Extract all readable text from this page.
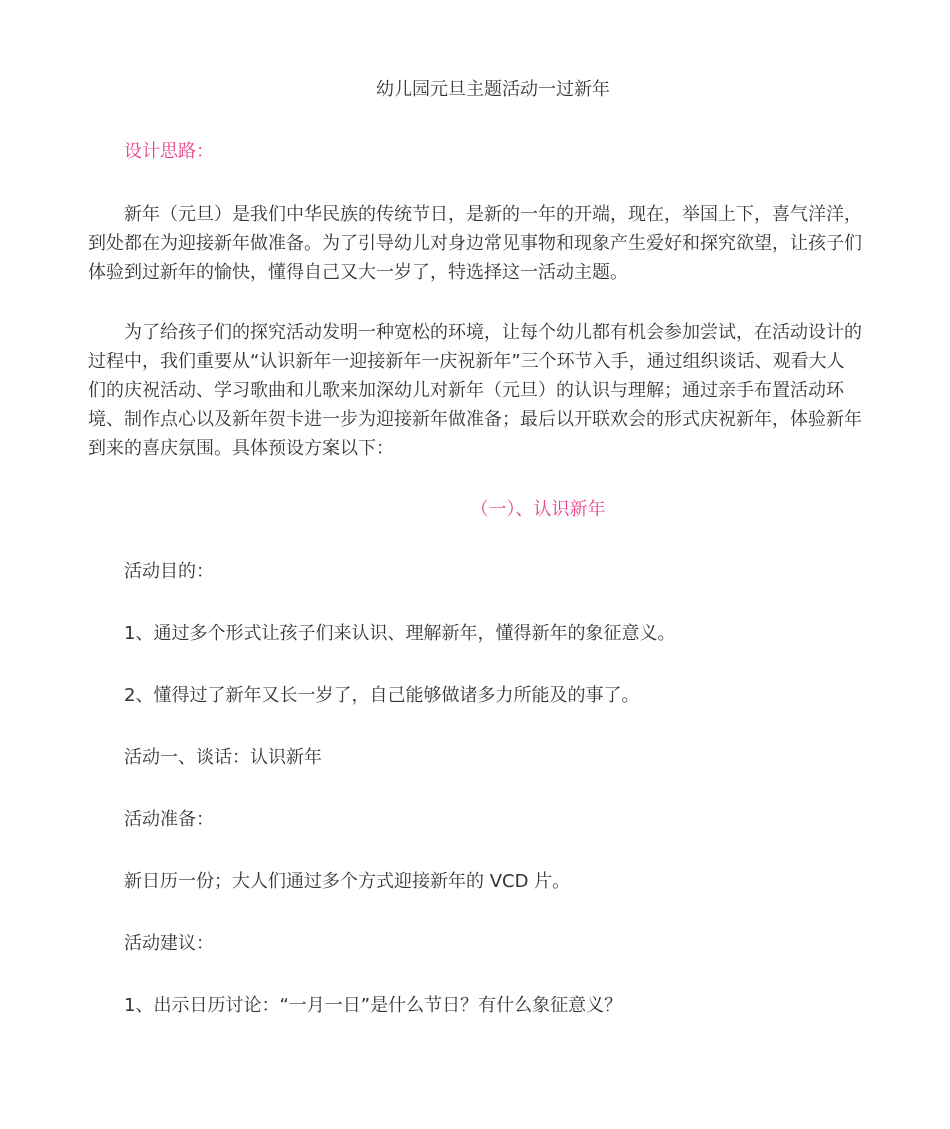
幼儿园元旦主题活动一过新年
设计思路：
新年（元旦）是我们中华民族的传统节日，是新的一年的开端，现在，举国上下，喜气洋洋，到处都在为迎接新年做准备。为了引导幼儿对身边常见事物和现象产生爱好和探究欲望，让孩子们体验到过新年的愉快，懂得自己又大一岁了，特选择这一活动主题。
为了给孩子们的探究活动发明一种宽松的环境，让每个幼儿都有机会参加尝试，在活动设计的过程中，我们重要从“认识新年一迎接新年一庆祝新年”三个环节入手，通过组织谈话、观看大人们的庆祝活动、学习歌曲和儿歌来加深幼儿对新年（元旦）的认识与理解；通过亲手布置活动环境、制作点心以及新年贺卡进一步为迎接新年做准备；最后以开联欢会的形式庆祝新年，体验新年到来的喜庆氛围。具体预设方案以下：
（一）、认识新年
活动目的：
1、通过多个形式让孩子们来认识、理解新年，懂得新年的象征意义。
2、懂得过了新年又长一岁了，自己能够做诸多力所能及的事了。
活动一、谈话：认识新年
活动准备：
新日历一份；大人们通过多个方式迎接新年的 VCD 片。
活动建议：
1、出示日历讨论：“一月一日”是什么节日？有什么象征意义？
